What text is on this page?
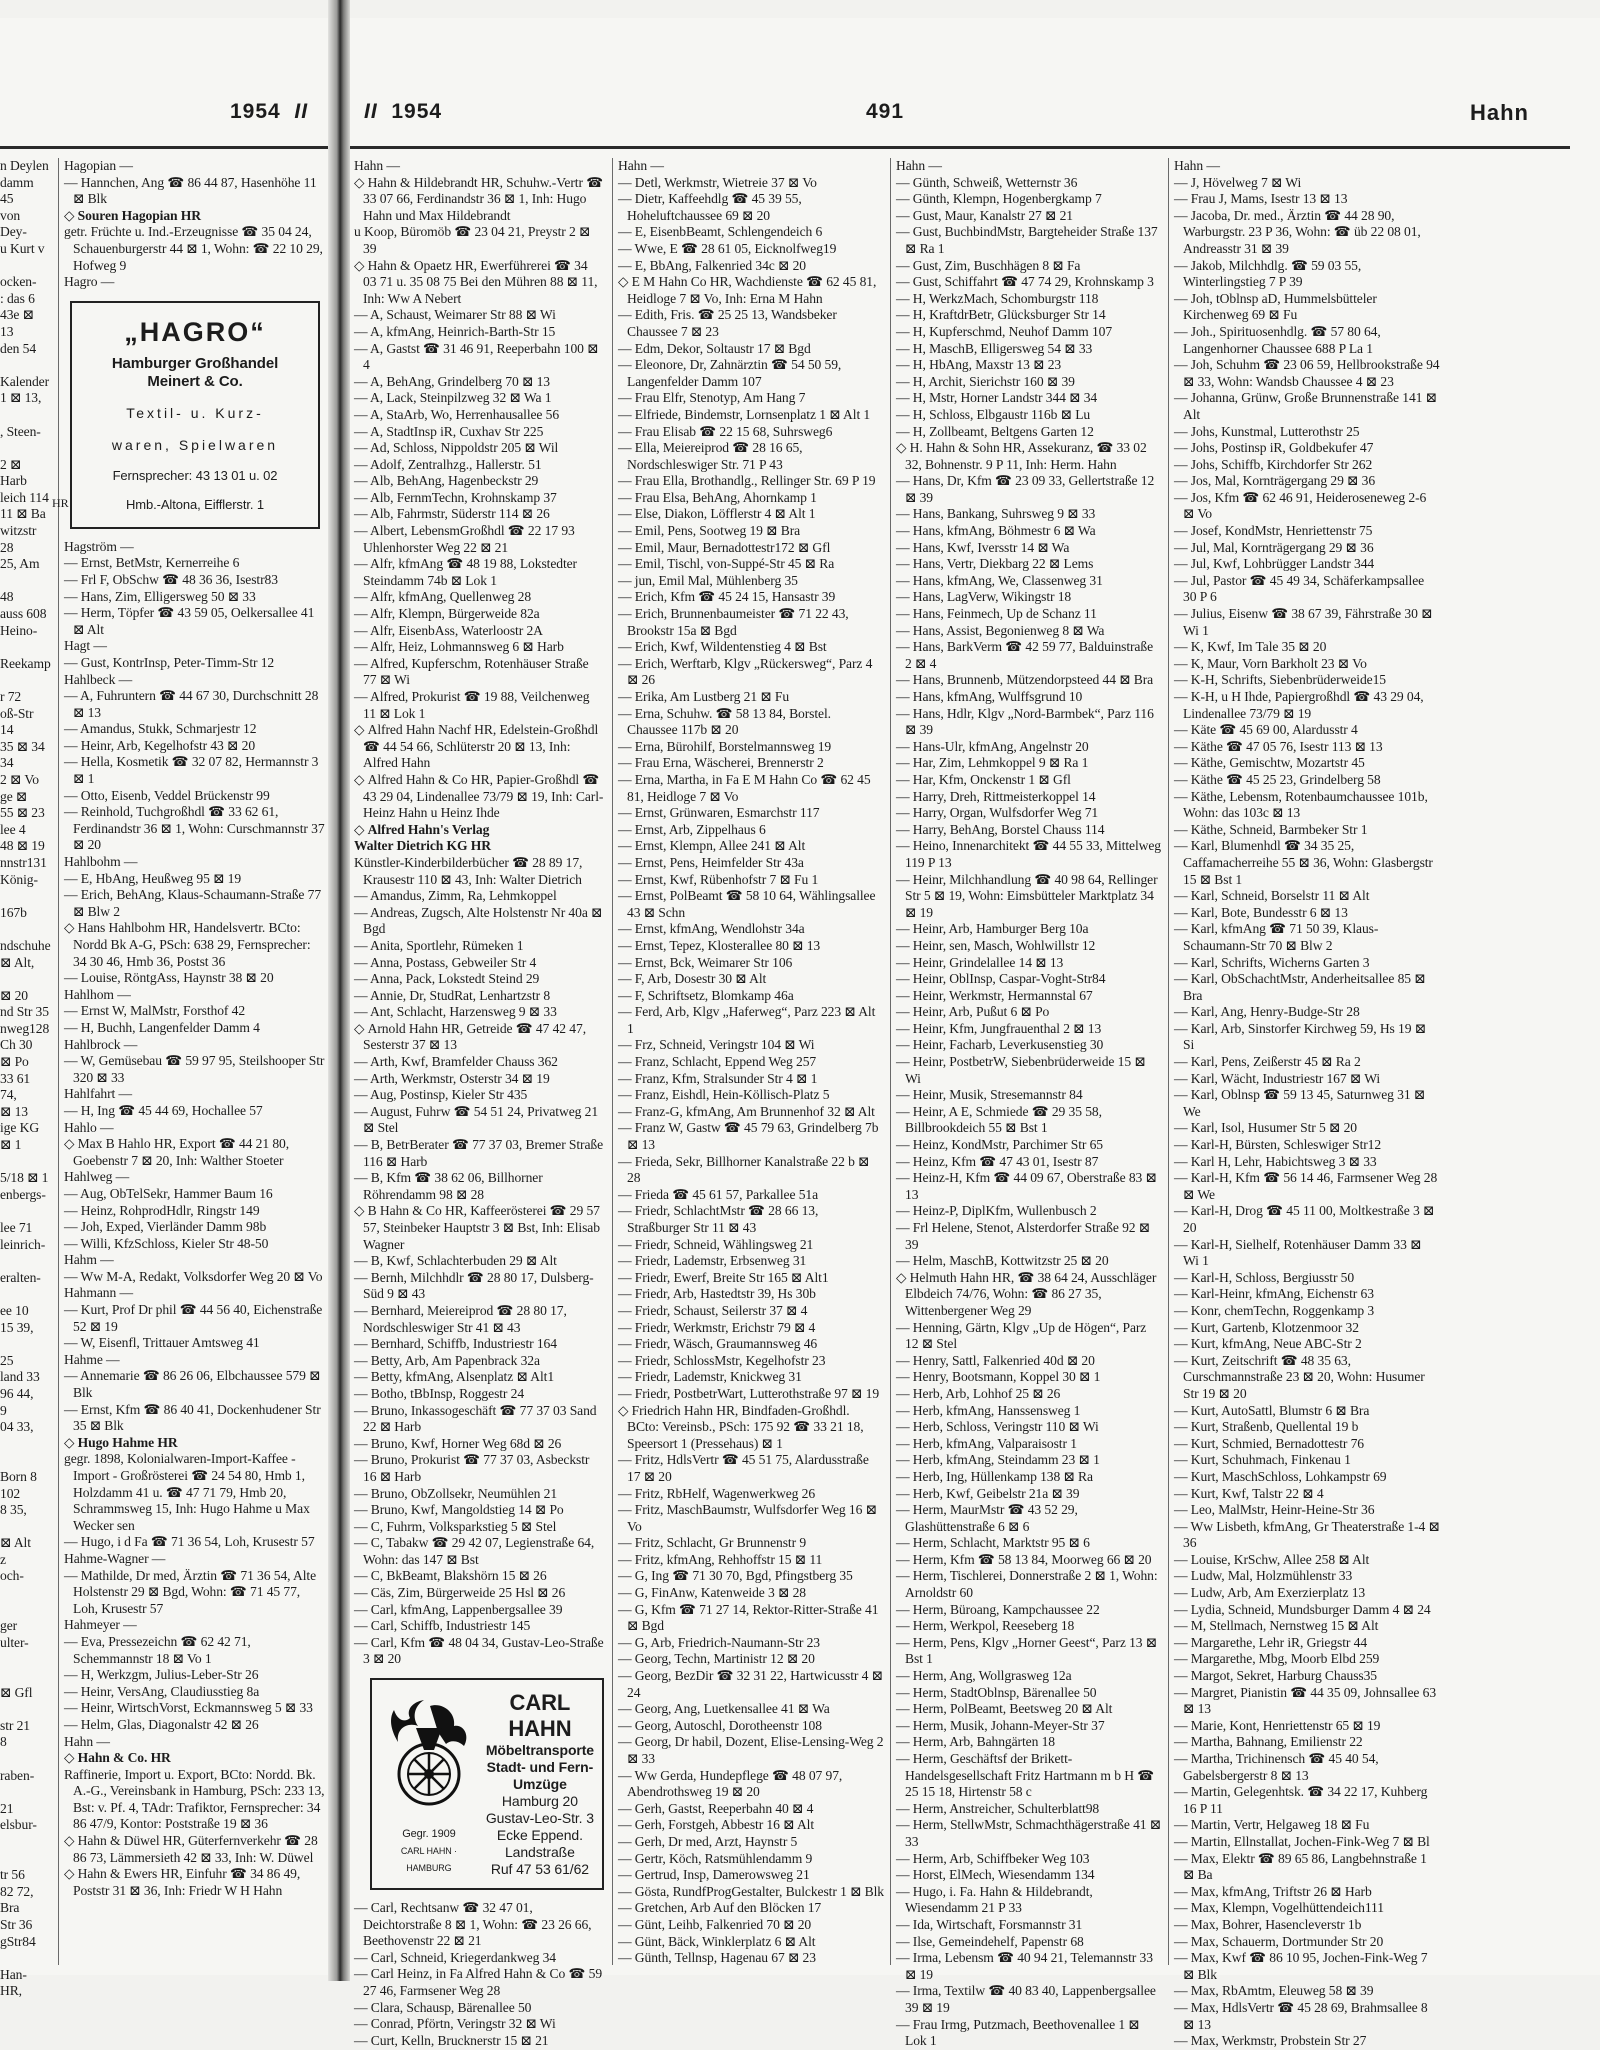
1954 II
n Deylen
damm 45
von Dey-
u Kurt v

ocken-
: das 6
43e ⊠ 13
den 54

Kalender
1 ⊠ 13,

, Steen-

2 ⊠ Harb
leich 114
11 ⊠ Ba
witzstr 28
25, Am

48
auss 608
Heino-

Reekamp

r 72
oß-Str 14
35 ⊠ 34
34
2 ⊠ Vo
ge ⊠
55 ⊠ 23
lee 4
48 ⊠ 19
nnstr131
König-

167b

ndschuhe
⊠ Alt,

⊠ 20
nd Str 35
nweg128
Ch 30
⊠ Po
33 61 74,
⊠ 13
ige KG
⊠ 1

5/18 ⊠ 1
enbergs-

lee 71
leinrich-

eralten-

ee 10
15 39,

25
land 33
96 44,
9
04 33,

Born 8
102
8 35,

⊠ Alt
z
och-

ger
ulter-

⊠ Gfl

str 21
8

raben-

21
elsbur-

tr 56
82 72,
Bra
Str 36
gStr84

Han-
HR,
Hagopian —
— Hannchen, Ang ☎ 86 44 87, Hasenhöhe 11 ⊠ Blk
◇ Souren Hagopian HR
getr. Früchte u. Ind.-Erzeugnisse ☎ 35 04 24, Schauenburgerstr 44 ⊠ 1, Wohn: ☎ 22 10 29, Hofweg 9
Hagro —
„HAGRO“
Hamburger Großhandel
Meinert & Co.
Textil- u. Kurz-
waren, Spielwaren
Fernsprecher: 43 13 01 u. 02
Hmb.-Altona, Eifflerstr. 1
HR
Hagström —
— Ernst, BetMstr, Kernerreihe 6
— Frl F, ObSchw ☎ 48 36 36, Isestr83
— Hans, Zim, Elligersweg 50 ⊠ 33
— Herm, Töpfer ☎ 43 59 05, Oelkersallee 41 ⊠ Alt
Hagt —
— Gust, KontrInsp, Peter-Timm-Str 12
Hahlbeck —
— A, Fuhruntern ☎ 44 67 30, Durchschnitt 28 ⊠ 13
— Amandus, Stukk, Schmarjestr 12
— Heinr, Arb, Kegelhofstr 43 ⊠ 20
— Hella, Kosmetik ☎ 32 07 82, Hermannstr 3 ⊠ 1
— Otto, Eisenb, Veddel Brückenstr 99
— Reinhold, Tuchgroßhdl ☎ 33 62 61, Ferdinandstr 36 ⊠ 1, Wohn: Curschmannstr 37 ⊠ 20
Hahlbohm —
— E, HbAng, Heußweg 95 ⊠ 19
— Erich, BehAng, Klaus-Schaumann-Straße 77 ⊠ Blw 2
◇ Hans Hahlbohm HR, Handelsvertr. BCto: Nordd Bk A-G, PSch: 638 29, Fernsprecher: 34 30 46, Hmb 36, Postst 36
— Louise, RöntgAss, Haynstr 38 ⊠ 20
Hahlhom —
— Ernst W, MalMstr, Forsthof 42
— H, Buchh, Langenfelder Damm 4
Hahlbrock —
— W, Gemüsebau ☎ 59 97 95, Steilshooper Str 320 ⊠ 33
Hahlfahrt —
— H, Ing ☎ 45 44 69, Hochallee 57
Hahlo —
◇ Max B Hahlo HR, Export ☎ 44 21 80, Goebenstr 7 ⊠ 20, Inh: Walther Stoeter
Hahlweg —
— Aug, ObTelSekr, Hammer Baum 16
— Heinz, RohprodHdlr, Ringstr 149
— Joh, Exped, Vierländer Damm 98b
— Willi, KfzSchloss, Kieler Str 48-50
Hahm —
— Ww M-A, Redakt, Volksdorfer Weg 20 ⊠ Vo
Hahmann —
— Kurt, Prof Dr phil ☎ 44 56 40, Eichenstraße 52 ⊠ 19
— W, Eisenfl, Trittauer Amtsweg 41
Hahme —
— Annemarie ☎ 86 26 06, Elbchaussee 579 ⊠ Blk
— Ernst, Kfm ☎ 86 40 41, Dockenhudener Str 35 ⊠ Blk
◇ Hugo Hahme HR
gegr. 1898, Kolonialwaren-Import-Kaffee - Import - Großrösterei ☎ 24 54 80, Hmb 1, Holzdamm 41 u. ☎ 47 71 79, Hmb 20, Schrammsweg 15, Inh: Hugo Hahme u Max Wecker sen
— Hugo, i d Fa ☎ 71 36 54, Loh, Krusestr 57
Hahme-Wagner —
— Mathilde, Dr med, Ärztin ☎ 71 36 54, Alte Holstenstr 29 ⊠ Bgd, Wohn: ☎ 71 45 77, Loh, Krusestr 57
Hahmeyer —
— Eva, Pressezeichn ☎ 62 42 71, Schemmannstr 18 ⊠ Vo 1
— H, Werkzgm, Julius-Leber-Str 26
— Heinr, VersAng, Claudiusstieg 8a
— Heinr, WirtschVorst, Eckmannsweg 5 ⊠ 33
— Helm, Glas, Diagonalstr 42 ⊠ 26
Hahn —
◇ Hahn & Co. HR
Raffinerie, Import u. Export, BCto: Nordd. Bk. A.-G., Vereinsbank in Hamburg, PSch: 233 13, Bst: v. Pf. 4, TAdr: Trafiktor, Fernsprecher: 34 86 47/9, Kontor: Poststraße 19 ⊠ 36
◇ Hahn & Düwel HR, Güterfernverkehr ☎ 28 86 73, Lämmersieth 42 ⊠ 33, Inh: W. Düwel
◇ Hahn & Ewers HR, Einfuhr ☎ 34 86 49, Poststr 31 ⊠ 36, Inh: Friedr W H Hahn
II 1954	491	Hahn
Hahn —
◇ Hahn & Hildebrandt HR, Schuhw.-Vertr ☎ 33 07 66, Ferdinandstr 36 ⊠ 1, Inh: Hugo Hahn und Max Hildebrandt
u Koop, Büromöb ☎ 23 04 21, Preystr 2 ⊠ 39
◇ Hahn & Opaetz HR, Ewerführerei ☎ 34 03 71 u. 35 08 75 Bei den Mühren 88 ⊠ 11, Inh: Ww A Nebert
— A, Schaust, Weimarer Str 88 ⊠ Wi
— A, kfmAng, Heinrich-Barth-Str 15
— A, Gastst ☎ 31 46 91, Reeperbahn 100 ⊠ 4
— A, BehAng, Grindelberg 70 ⊠ 13
— A, Lack, Steinpilzweg 32 ⊠ Wa 1
— A, StaArb, Wo, Herrenhausallee 56
— A, StadtInsp iR, Cuxhav Str 225
— Ad, Schloss, Nippoldstr 205 ⊠ Wil
— Adolf, Zentralhzg., Hallerstr. 51
— Alb, BehAng, Hagenbeckstr 29
— Alb, FernmTechn, Krohnskamp 37
— Alb, Fahrmstr, Süderstr 114 ⊠ 26
— Albert, LebensmGroßhdl ☎ 22 17 93 Uhlenhorster Weg 22 ⊠ 21
— Alfr, kfmAng ☎ 48 19 88, Lokstedter Steindamm 74b ⊠ Lok 1
— Alfr, kfmAng, Quellenweg 28
— Alfr, Klempn, Bürgerweide 82a
— Alfr, EisenbAss, Waterloostr 2A
— Alfr, Heiz, Lohmannsweg 6 ⊠ Harb
— Alfred, Kupferschm, Rotenhäuser Straße 77 ⊠ Wi
— Alfred, Prokurist ☎ 19 88, Veilchenweg 11 ⊠ Lok 1
◇ Alfred Hahn Nachf HR, Edelstein-Großhdl ☎ 44 54 66, Schlüterstr 20 ⊠ 13, Inh: Alfred Hahn
◇ Alfred Hahn & Co HR, Papier-Großhdl ☎ 43 29 04, Lindenallee 73/79 ⊠ 19, Inh: Carl-Heinz Hahn u Heinz Ihde
◇ Alfred Hahn's Verlag
Walter Dietrich KG HR
Künstler-Kinderbilderbücher ☎ 28 89 17, Krausestr 110 ⊠ 43, Inh: Walter Dietrich
— Amandus, Zimm, Ra, Lehmkoppel
— Andreas, Zugsch, Alte Holstenstr Nr 40a ⊠ Bgd
— Anita, Sportlehr, Rümeken 1
— Anna, Postass, Gebweiler Str 4
— Anna, Pack, Lokstedt Steind 29
— Annie, Dr, StudRat, Lenhartzstr 8
— Ant, Schlacht, Harzensweg 9 ⊠ 33
◇ Arnold Hahn HR, Getreide ☎ 47 42 47, Sesterstr 37 ⊠ 13
— Arth, Kwf, Bramfelder Chauss 362
— Arth, Werkmstr, Osterstr 34 ⊠ 19
— Aug, Postinsp, Kieler Str 435
— August, Fuhrw ☎ 54 51 24, Privatweg 21 ⊠ Stel
— B, BetrBerater ☎ 77 37 03, Bremer Straße 116 ⊠ Harb
— B, Kfm ☎ 38 62 06, Billhorner Röhrendamm 98 ⊠ 28
◇ B Hahn & Co HR, Kaffeerösterei ☎ 29 57 57, Steinbeker Hauptstr 3 ⊠ Bst, Inh: Elisab Wagner
— B, Kwf, Schlachterbuden 29 ⊠ Alt
— Bernh, Milchhdlr ☎ 28 80 17, Dulsberg-Süd 9 ⊠ 43
— Bernhard, Meiereiprod ☎ 28 80 17, Nordschleswiger Str 41 ⊠ 43
— Bernhard, Schiffb, Industriestr 164
— Betty, Arb, Am Papenbrack 32a
— Betty, kfmAng, Alsenplatz ⊠ Alt1
— Botho, tBbInsp, Roggestr 24
— Bruno, Inkassogeschäft ☎ 77 37 03 Sand 22 ⊠ Harb
— Bruno, Kwf, Horner Weg 68d ⊠ 26
— Bruno, Prokurist ☎ 77 37 03, Asbeckstr 16 ⊠ Harb
— Bruno, ObZollsekr, Neumühlen 21
— Bruno, Kwf, Mangoldstieg 14 ⊠ Po
— C, Fuhrm, Volksparkstieg 5 ⊠ Stel
— C, Tabakw ☎ 29 42 07, Legienstraße 64, Wohn: das 147 ⊠ Bst
— C, BkBeamt, Blakshörn 15 ⊠ 26
— Cäs, Zim, Bürgerweide 25 Hsl ⊠ 26
— Carl, kfmAng, Lappenbergsallee 39
— Carl, Schiffb, Industriestr 145
— Carl, Kfm ☎ 48 04 34, Gustav-Leo-Straße 3 ⊠ 20
Gegr. 1909
CARL HAHN · HAMBURG
CARL HAHN
Möbeltransporte
Stadt- und Fern-
Umzüge
Hamburg 20
Gustav-Leo-Str. 3
Ecke Eppend.
Landstraße
Ruf 47 53 61/62
— Carl, Rechtsanw ☎ 32 47 01, Deichtorstraße 8 ⊠ 1, Wohn: ☎ 23 26 66, Beethovenstr 22 ⊠ 21
— Carl, Schneid, Kriegerdankweg 34
— Carl Heinz, in Fa Alfred Hahn & Co ☎ 59 27 46, Farmsener Weg 28
— Clara, Schausp, Bärenallee 50
— Conrad, Pförtn, Veringstr 32 ⊠ Wi
— Curt, Kelln, Brucknerstr 15 ⊠ 21
Hahn —
— Detl, Werkmstr, Wietreie 37 ⊠ Vo
— Dietr, Kaffeehdlg ☎ 45 39 55, Hoheluftchaussee 69 ⊠ 20
— E, EisenbBeamt, Schlengendeich 6
— Wwe, E ☎ 28 61 05, Eicknolfweg19
— E, BbAng, Falkenried 34c ⊠ 20
◇ E M Hahn Co HR, Wachdienste ☎ 62 45 81, Heidloge 7 ⊠ Vo, Inh: Erna M Hahn
— Edith, Fris. ☎ 25 25 13, Wandsbeker Chaussee 7 ⊠ 23
— Edm, Dekor, Soltaustr 17 ⊠ Bgd
— Eleonore, Dr, Zahnärztin ☎ 54 50 59, Langenfelder Damm 107
— Frau Elfr, Stenotyp, Am Hang 7
— Elfriede, Bindemstr, Lornsenplatz 1 ⊠ Alt 1
— Frau Elisab ☎ 22 15 68, Suhrsweg6
— Ella, Meiereiprod ☎ 28 16 65, Nordschleswiger Str. 71 P 43
— Frau Ella, Brothandlg., Rellinger Str. 69 P 19
— Frau Elsa, BehAng, Ahornkamp 1
— Else, Diakon, Löfflerstr 4 ⊠ Alt 1
— Emil, Pens, Sootweg 19 ⊠ Bra
— Emil, Maur, Bernadottestr172 ⊠ Gfl
— Emil, Tischl, von-Suppé-Str 45 ⊠ Ra
— jun, Emil Mal, Mühlenberg 35
— Erich, Kfm ☎ 45 24 15, Hansastr 39
— Erich, Brunnenbaumeister ☎ 71 22 43, Brookstr 15a ⊠ Bgd
— Erich, Kwf, Wildentenstieg 4 ⊠ Bst
— Erich, Werftarb, Klgv „Rückersweg“, Parz 4 ⊠ 26
— Erika, Am Lustberg 21 ⊠ Fu
— Erna, Schuhw. ☎ 58 13 84, Borstel. Chaussee 117b ⊠ 20
— Erna, Bürohilf, Borstelmannsweg 19
— Frau Erna, Wäscherei, Brennerstr 2
— Erna, Martha, in Fa E M Hahn Co ☎ 62 45 81, Heidloge 7 ⊠ Vo
— Ernst, Grünwaren, Esmarchstr 117
— Ernst, Arb, Zippelhaus 6
— Ernst, Klempn, Allee 241 ⊠ Alt
— Ernst, Pens, Heimfelder Str 43a
— Ernst, Kwf, Rübenhofstr 7 ⊠ Fu 1
— Ernst, PolBeamt ☎ 58 10 64, Wählingsallee 43 ⊠ Schn
— Ernst, kfmAng, Wendlohstr 34a
— Ernst, Tepez, Klosterallee 80 ⊠ 13
— Ernst, Bck, Weimarer Str 106
— F, Arb, Dosestr 30 ⊠ Alt
— F, Schriftsetz, Blomkamp 46a
— Ferd, Arb, Klgv „Haferweg“, Parz 223 ⊠ Alt 1
— Frz, Schneid, Veringstr 104 ⊠ Wi
— Franz, Schlacht, Eppend Weg 257
— Franz, Kfm, Stralsunder Str 4 ⊠ 1
— Franz, Eishdl, Hein-Köllisch-Platz 5
— Franz-G, kfmAng, Am Brunnenhof 32 ⊠ Alt
— Franz W, Gastw ☎ 45 79 63, Grindelberg 7b ⊠ 13
— Frieda, Sekr, Billhorner Kanalstraße 22 b ⊠ 28
— Frieda ☎ 45 61 57, Parkallee 51a
— Friedr, SchlachtMstr ☎ 28 66 13, Straßburger Str 11 ⊠ 43
— Friedr, Schneid, Wählingsweg 21
— Friedr, Lademstr, Erbsenweg 31
— Friedr, Ewerf, Breite Str 165 ⊠ Alt1
— Friedr, Arb, Hastedtstr 39, Hs 30b
— Friedr, Schaust, Seilerstr 37 ⊠ 4
— Friedr, Werkmstr, Erichstr 79 ⊠ 4
— Friedr, Wäsch, Graumannsweg 46
— Friedr, SchlossMstr, Kegelhofstr 23
— Friedr, Lademstr, Knickweg 31
— Friedr, PostbetrWart, Lutterothstraße 97 ⊠ 19
◇ Friedrich Hahn HR, Bindfaden-Großhdl. BCto: Vereinsb., PSch: 175 92 ☎ 33 21 18, Speersort 1 (Pressehaus) ⊠ 1
— Fritz, HdlsVertr ☎ 45 51 75, Alardusstraße 17 ⊠ 20
— Fritz, RbHelf, Wagenwerkweg 26
— Fritz, MaschBaumstr, Wulfsdorfer Weg 16 ⊠ Vo
— Fritz, Schlacht, Gr Brunnenstr 9
— Fritz, kfmAng, Rehhoffstr 15 ⊠ 11
— G, Ing ☎ 71 30 70, Bgd, Pfingstberg 35
— G, FinAnw, Katenweide 3 ⊠ 28
— G, Kfm ☎ 71 27 14, Rektor-Ritter-Straße 41 ⊠ Bgd
— G, Arb, Friedrich-Naumann-Str 23
— Georg, Techn, Martinistr 12 ⊠ 20
— Georg, BezDir ☎ 32 31 22, Hartwicusstr 4 ⊠ 24
— Georg, Ang, Luetkensallee 41 ⊠ Wa
— Georg, Autoschl, Dorotheenstr 108
— Georg, Dr habil, Dozent, Elise-Lensing-Weg 2 ⊠ 33
— Ww Gerda, Hundepflege ☎ 48 07 97, Abendrothsweg 19 ⊠ 20
— Gerh, Gastst, Reeperbahn 40 ⊠ 4
— Gerh, Forstgeh, Abbestr 16 ⊠ Alt
— Gerh, Dr med, Arzt, Haynstr 5
— Gertr, Köch, Ratsmühlendamm 9
— Gertrud, Insp, Damerowsweg 21
— Gösta, RundfProgGestalter, Bulckestr 1 ⊠ Blk
— Gretchen, Arb Auf den Blöcken 17
— Günt, Leihb, Falkenried 70 ⊠ 20
— Günt, Bäck, Winklerplatz 6 ⊠ Alt
— Günth, Tellnsp, Hagenau 67 ⊠ 23
Hahn —
— Günth, Schweiß, Wetternstr 36
— Günth, Klempn, Hogenbergkamp 7
— Gust, Maur, Kanalstr 27 ⊠ 21
— Gust, BuchbindMstr, Bargteheider Straße 137 ⊠ Ra 1
— Gust, Zim, Buschhägen 8 ⊠ Fa
— Gust, Schiffahrt ☎ 47 74 29, Krohnskamp 3
— H, WerkzMach, Schomburgstr 118
— H, KraftdrBetr, Glücksburger Str 14
— H, Kupferschmd, Neuhof Damm 107
— H, MaschB, Elligersweg 54 ⊠ 33
— H, HbAng, Maxstr 13 ⊠ 23
— H, Archit, Sierichstr 160 ⊠ 39
— H, Mstr, Horner Landstr 344 ⊠ 34
— H, Schloss, Elbgaustr 116b ⊠ Lu
— H, Zollbeamt, Beltgens Garten 12
◇ H. Hahn & Sohn HR, Assekuranz, ☎ 33 02 32, Bohnenstr. 9 P 11, Inh: Herm. Hahn
— Hans, Dr, Kfm ☎ 23 09 33, Gellertstraße 12 ⊠ 39
— Hans, Bankang, Suhrsweg 9 ⊠ 33
— Hans, kfmAng, Böhmestr 6 ⊠ Wa
— Hans, Kwf, Iversstr 14 ⊠ Wa
— Hans, Vertr, Diekbarg 22 ⊠ Lems
— Hans, kfmAng, We, Classenweg 31
— Hans, LagVerw, Wikingstr 18
— Hans, Feinmech, Up de Schanz 11
— Hans, Assist, Begonienweg 8 ⊠ Wa
— Hans, BarkVerm ☎ 42 59 77, Balduinstraße 2 ⊠ 4
— Hans, Brunnenb, Mützendorpsteed 44 ⊠ Bra
— Hans, kfmAng, Wulffsgrund 10
— Hans, Hdlr, Klgv „Nord-Barmbek“, Parz 116 ⊠ 39
— Hans-Ulr, kfmAng, Angelnstr 20
— Har, Zim, Lehmkoppel 9 ⊠ Ra 1
— Har, Kfm, Onckenstr 1 ⊠ Gfl
— Harry, Dreh, Rittmeisterkoppel 14
— Harry, Organ, Wulfsdorfer Weg 71
— Harry, BehAng, Borstel Chauss 114
— Heino, Innenarchitekt ☎ 44 55 33, Mittelweg 119 P 13
— Heinr, Milchhandlung ☎ 40 98 64, Rellinger Str 5 ⊠ 19, Wohn: Eimsbütteler Marktplatz 34 ⊠ 19
— Heinr, Arb, Hamburger Berg 10a
— Heinr, sen, Masch, Wohlwillstr 12
— Heinr, Grindelallee 14 ⊠ 13
— Heinr, OblInsp, Caspar-Voght-Str84
— Heinr, Werkmstr, Hermannstal 67
— Heinr, Arb, Pußut 6 ⊠ Po
— Heinr, Kfm, Jungfrauenthal 2 ⊠ 13
— Heinr, Facharb, Leverkusenstieg 30
— Heinr, PostbetrW, Siebenbrüderweide 15 ⊠ Wi
— Heinr, Musik, Stresemannstr 84
— Heinr, A E, Schmiede ☎ 29 35 58, Billbrookdeich 55 ⊠ Bst 1
— Heinz, KondMstr, Parchimer Str 65
— Heinz, Kfm ☎ 47 43 01, Isestr 87
— Heinz-H, Kfm ☎ 44 09 67, Oberstraße 83 ⊠ 13
— Heinz-P, DiplKfm, Wullenbusch 2
— Frl Helene, Stenot, Alsterdorfer Straße 92 ⊠ 39
— Helm, MaschB, Kottwitzstr 25 ⊠ 20
◇ Helmuth Hahn HR, ☎ 38 64 24, Ausschläger Elbdeich 74/76, Wohn: ☎ 86 27 35, Wittenbergener Weg 29
— Henning, Gärtn, Klgv „Up de Högen“, Parz 12 ⊠ Stel
— Henry, Sattl, Falkenried 40d ⊠ 20
— Henry, Bootsmann, Koppel 30 ⊠ 1
— Herb, Arb, Lohhof 25 ⊠ 26
— Herb, kfmAng, Hanssensweg 1
— Herb, Schloss, Veringstr 110 ⊠ Wi
— Herb, kfmAng, Valparaisostr 1
— Herb, kfmAng, Steindamm 23 ⊠ 1
— Herb, Ing, Hüllenkamp 138 ⊠ Ra
— Herb, Kwf, Geibelstr 21a ⊠ 39
— Herm, MaurMstr ☎ 43 52 29, Glashüttenstraße 6 ⊠ 6
— Herm, Schlacht, Marktstr 95 ⊠ 6
— Herm, Kfm ☎ 58 13 84, Moorweg 66 ⊠ 20
— Herm, Tischlerei, Donnerstraße 2 ⊠ 1, Wohn: Arnoldstr 60
— Herm, Büroang, Kampchaussee 22
— Herm, Werkpol, Reeseberg 18
— Herm, Pens, Klgv „Horner Geest“, Parz 13 ⊠ Bst 1
— Herm, Ang, Wollgrasweg 12a
— Herm, StadtOblnsp, Bärenallee 50
— Herm, PolBeamt, Beetsweg 20 ⊠ Alt
— Herm, Musik, Johann-Meyer-Str 37
— Herm, Arb, Bahngärten 18
— Herm, Geschäftsf der Brikett-Handelsgesellschaft Fritz Hartmann m b H ☎ 25 15 18, Hirtenstr 58 c
— Herm, Anstreicher, Schulterblatt98
— Herm, StellwMstr, Schmachthägerstraße 41 ⊠ 33
— Herm, Arb, Schiffbeker Weg 103
— Horst, ElMech, Wiesendamm 134
— Hugo, i. Fa. Hahn & Hildebrandt, Wiesendamm 21 P 33
— Ida, Wirtschaft, Forsmannstr 31
— Ilse, Gemeindehelf, Papenstr 68
— Irma, Lebensm ☎ 40 94 21, Telemannstr 33 ⊠ 19
— Irma, Textilw ☎ 40 83 40, Lappenbergsallee 39 ⊠ 19
— Frau Irmg, Putzmach, Beethovenallee 1 ⊠ Lok 1
Hahn —
— J, Hövelweg 7 ⊠ Wi
— Frau J, Mams, Isestr 13 ⊠ 13
— Jacoba, Dr. med., Ärztin ☎ 44 28 90, Warburgstr. 23 P 36, Wohn: ☎ üb 22 08 01, Andreasstr 31 ⊠ 39
— Jakob, Milchhdlg. ☎ 59 03 55, Winterlingstieg 7 P 39
— Joh, tOblnsp aD, Hummelsbütteler Kirchenweg 69 ⊠ Fu
— Joh., Spirituosenhdlg. ☎ 57 80 64, Langenhorner Chaussee 688 P La 1
— Joh, Schuhm ☎ 23 06 59, Hellbrookstraße 94 ⊠ 33, Wohn: Wandsb Chaussee 4 ⊠ 23
— Johanna, Grünw, Große Brunnenstraße 141 ⊠ Alt
— Johs, Kunstmal, Lutterothstr 25
— Johs, Postinsp iR, Goldbekufer 47
— Johs, Schiffb, Kirchdorfer Str 262
— Jos, Mal, Kornträgergang 29 ⊠ 36
— Jos, Kfm ☎ 62 46 91, Heideroseneweg 2-6 ⊠ Vo
— Josef, KondMstr, Henriettenstr 75
— Jul, Mal, Kornträgergang 29 ⊠ 36
— Jul, Kwf, Lohbrügger Landstr 344
— Jul, Pastor ☎ 45 49 34, Schäferkampsallee 30 P 6
— Julius, Eisenw ☎ 38 67 39, Fährstraße 30 ⊠ Wi 1
— K, Kwf, Im Tale 35 ⊠ 20
— K, Maur, Vorn Barkholt 23 ⊠ Vo
— K-H, Schrifts, Siebenbrüderweide15
— K-H, u H Ihde, Papiergroßhdl ☎ 43 29 04, Lindenallee 73/79 ⊠ 19
— Käte ☎ 45 69 00, Alardusstr 4
— Käthe ☎ 47 05 76, Isestr 113 ⊠ 13
— Käthe, Gemischtw, Mozartstr 45
— Käthe ☎ 45 25 23, Grindelberg 58
— Käthe, Lebensm, Rotenbaumchaussee 101b, Wohn: das 103c ⊠ 13
— Käthe, Schneid, Barmbeker Str 1
— Karl, Blumenhdl ☎ 34 35 25, Caffamacherreihe 55 ⊠ 36, Wohn: Glasbergstr 15 ⊠ Bst 1
— Karl, Schneid, Borselstr 11 ⊠ Alt
— Karl, Bote, Bundesstr 6 ⊠ 13
— Karl, kfmAng ☎ 71 50 39, Klaus-Schaumann-Str 70 ⊠ Blw 2
— Karl, Schrifts, Wicherns Garten 3
— Karl, ObSchachtMstr, Anderheitsallee 85 ⊠ Bra
— Karl, Ang, Henry-Budge-Str 28
— Karl, Arb, Sinstorfer Kirchweg 59, Hs 19 ⊠ Si
— Karl, Pens, Zeißerstr 45 ⊠ Ra 2
— Karl, Wächt, Industriestr 167 ⊠ Wi
— Karl, Oblnsp ☎ 59 13 45, Saturnweg 31 ⊠ We
— Karl, Isol, Husumer Str 5 ⊠ 20
— Karl-H, Bürsten, Schleswiger Str12
— Karl H, Lehr, Habichtsweg 3 ⊠ 33
— Karl-H, Kfm ☎ 56 14 46, Farmsener Weg 28 ⊠ We
— Karl-H, Drog ☎ 45 11 00, Moltkestraße 3 ⊠ 20
— Karl-H, Sielhelf, Rotenhäuser Damm 33 ⊠ Wi 1
— Karl-H, Schloss, Bergiusstr 50
— Karl-Heinr, kfmAng, Eichenstr 63
— Konr, chemTechn, Roggenkamp 3
— Kurt, Gartenb, Klotzenmoor 32
— Kurt, kfmAng, Neue ABC-Str 2
— Kurt, Zeitschrift ☎ 48 35 63, Curschmannstraße 23 ⊠ 20, Wohn: Husumer Str 19 ⊠ 20
— Kurt, AutoSattl, Blumstr 6 ⊠ Bra
— Kurt, Straßenb, Quellental 19 b
— Kurt, Schmied, Bernadottestr 76
— Kurt, Schuhmach, Finkenau 1
— Kurt, MaschSchloss, Lohkampstr 69
— Kurt, Kwf, Talstr 22 ⊠ 4
— Leo, MalMstr, Heinr-Heine-Str 36
— Ww Lisbeth, kfmAng, Gr Theaterstraße 1-4 ⊠ 36
— Louise, KrSchw, Allee 258 ⊠ Alt
— Ludw, Mal, Holzmühlenstr 33
— Ludw, Arb, Am Exerzierplatz 13
— Lydia, Schneid, Mundsburger Damm 4 ⊠ 24
— M, Stellmach, Nernstweg 15 ⊠ Alt
— Margarethe, Lehr iR, Griegstr 44
— Margarethe, Mbg, Moorb Elbd 259
— Margot, Sekret, Harburg Chauss35
— Margret, Pianistin ☎ 44 35 09, Johnsallee 63 ⊠ 13
— Marie, Kont, Henriettenstr 65 ⊠ 19
— Martha, Bahnang, Emilienstr 22
— Martha, Trichinensch ☎ 45 40 54, Gabelsbergerstr 8 ⊠ 13
— Martin, Gelegenhtsk. ☎ 34 22 17, Kuhberg 16 P 11
— Martin, Vertr, Helgaweg 18 ⊠ Fu
— Martin, Ellnstallat, Jochen-Fink-Weg 7 ⊠ Bl
— Max, Elektr ☎ 89 65 86, Langbehnstraße 1 ⊠ Ba
— Max, kfmAng, Triftstr 26 ⊠ Harb
— Max, Klempn, Vogelhüttendeich111
— Max, Bohrer, Hasencleverstr 1b
— Max, Schauerm, Dortmunder Str 20
— Max, Kwf ☎ 86 10 95, Jochen-Fink-Weg 7 ⊠ Blk
— Max, RbAmtm, Eleuweg 58 ⊠ 39
— Max, HdlsVertr ☎ 45 28 69, Brahmsallee 8 ⊠ 13
— Max, Werkmstr, Probstein Str 27
